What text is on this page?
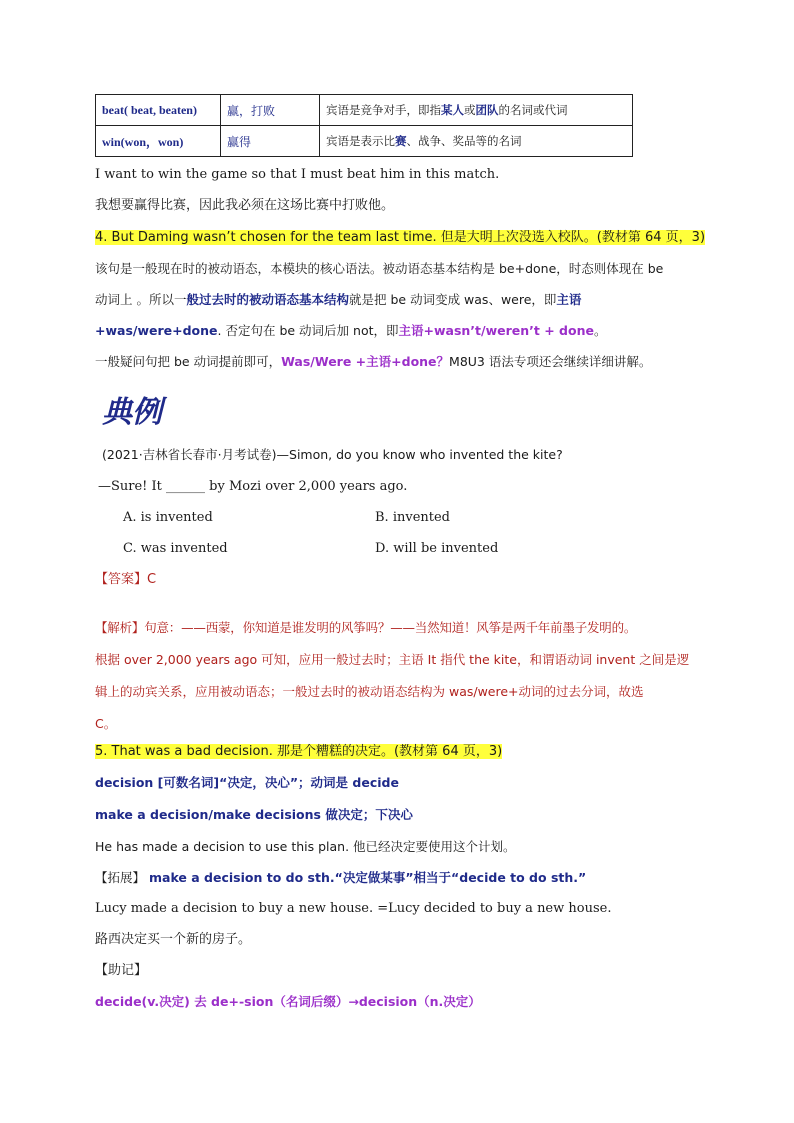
beat( beat, beaten)	赢，打败	宾语是竞争对手，即指某人或团队的名词或代词
win(won，won)	赢得	宾语是表示比赛、战争、奖品等的名词
I want to win the game so that I must beat him in this match.
我想要赢得比赛，因此我必须在这场比赛中打败他。
4. But Daming wasn’t chosen for the team last time. 但是大明上次没选入校队。(教材第 64 页，3)
该句是一般现在时的被动语态，本模块的核心语法。被动语态基本结构是 be+done，时态则体现在 be
动词上 。所以一般过去时的被动语态基本结构就是把 be 动词变成 was、were，即主语
+was/were+done. 否定句在 be 动词后加 not，即主语+wasn’t/weren’t + done。
一般疑问句把 be 动词提前即可，Was/Were +主语+done？M8U3 语法专项还会继续详细讲解。
典例
(2021·吉林省长春市·月考试卷)—Simon, do you know who invented the kite?
—Sure! It ______ by Mozi over 2,000 years ago.
A. is invented	B. invented
C. was invented	D. will be invented
【答案】C
【解析】句意：——西蒙，你知道是谁发明的风筝吗？——当然知道！风筝是两千年前墨子发明的。
根据 over 2,000 years ago 可知，应用一般过去时；主语 It 指代 the kite，和谓语动词 invent 之间是逻
辑上的动宾关系，应用被动语态；一般过去时的被动语态结构为 was/were+动词的过去分词，故选
C。
5. That was a bad decision. 那是个糟糕的决定。(教材第 64 页，3)
decision [可数名词]“决定，决心”；动词是 decide
make a decision/make decisions 做决定；下决心
He has made a decision to use this plan. 他已经决定要使用这个计划。
【拓展】 make a decision to do sth.“决定做某事”相当于“decide to do sth.”
Lucy made a decision to buy a new house. =Lucy decided to buy a new house.
路西决定买一个新的房子。
【助记】
decide(v.决定) 去 de+-sion（名词后缀）→decision（n.决定）
